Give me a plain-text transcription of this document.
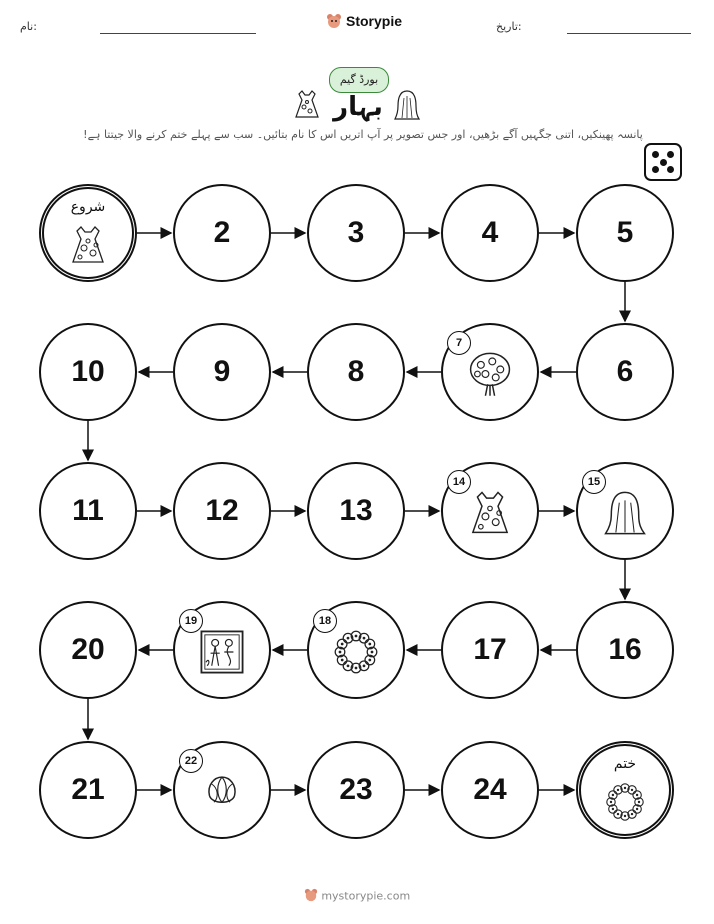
نام:	Storypie	تاریخ:
بورڈ گیم
بہار
پانسہ پھینکیں، اتنی جگہیں آگے بڑھیں، اور جس تصویر پر آپ اتریں اس کا نام بتائیں۔ سب سے پہلے ختم کرنے والا جیتتا ہے!
شروع
2	3	4	5
6
7
8
9
10
11	12	13
14	15
16
17
18
19
20
21
22
23	24
ختم
mystorypie.com
